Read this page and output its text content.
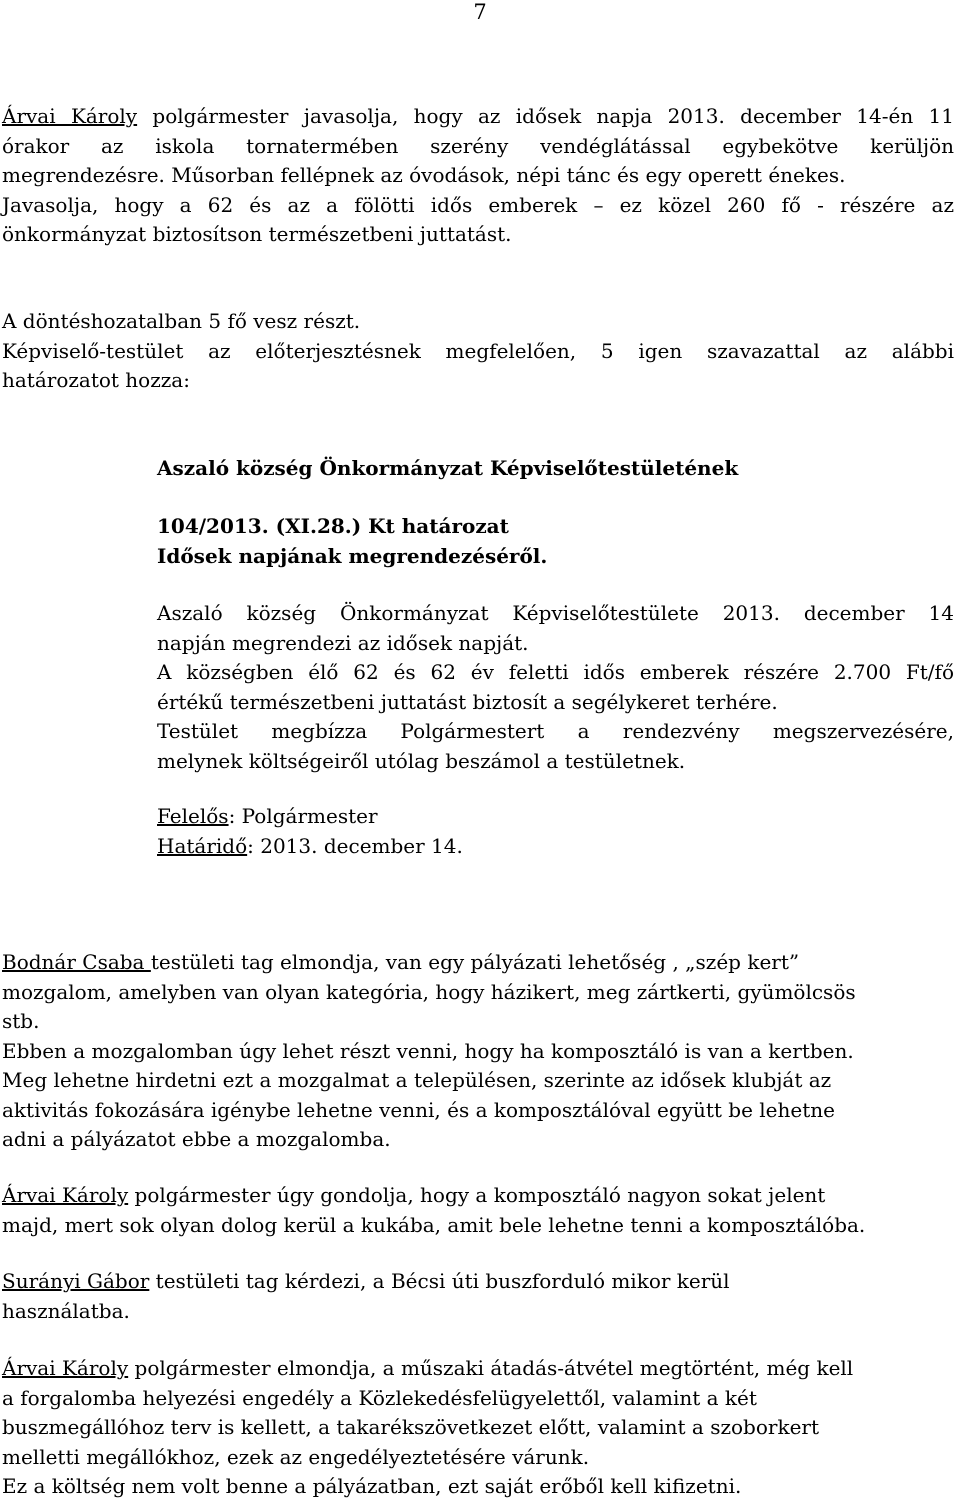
7

Árvai Károly polgármester javasolja, hogy az idősek napja 2013. december 14-én 11

órakor az iskola tornatermében szerény vendéglátással egybekötve kerüljön

megrendezésre. Műsorban fellépnek az óvodások, népi tánc és egy operett énekes.

Javasolja, hogy a 62 és az a fölötti idős emberek – ez közel 260 fő - részére az

önkormányzat biztosítson természetbeni juttatást.

A döntéshozatalban 5 fő vesz részt.

Képviselő-testület az előterjesztésnek megfelelően, 5 igen szavazattal az alábbi

határozatot hozza:

Aszaló község Önkormányzat Képviselőtestületének

104/2013. (XI.28.) Kt határozat

Idősek napjának megrendezéséről.

Aszaló község Önkormányzat Képviselőtestülete 2013. december 14

napján megrendezi az idősek napját.

A községben élő 62 és 62 év feletti idős emberek részére 2.700 Ft/fő

értékű természetbeni juttatást biztosít a segélykeret terhére.

Testület megbízza Polgármestert a rendezvény megszervezésére,

melynek költségeiről utólag beszámol a testületnek.

Felelős: Polgármester

Határidő: 2013. december 14.

Bodnár Csaba testületi tag elmondja, van egy pályázati lehetőség , „szép kert”

mozgalom, amelyben van olyan kategória, hogy házikert, meg zártkerti, gyümölcsös

stb.

Ebben a mozgalomban úgy lehet részt venni, hogy ha komposztáló is van a kertben.

Meg lehetne hirdetni ezt a mozgalmat a településen, szerinte az idősek klubját az

aktivitás fokozására igénybe lehetne venni, és a komposztálóval együtt be lehetne

adni a pályázatot ebbe a mozgalomba.

Árvai Károly polgármester úgy gondolja, hogy a komposztáló nagyon sokat jelent

majd, mert sok olyan dolog kerül a kukába, amit bele lehetne tenni a komposztálóba.

Surányi Gábor testületi tag kérdezi, a Bécsi úti buszforduló mikor kerül

használatba.

Árvai Károly polgármester elmondja, a műszaki átadás-átvétel megtörtént, még kell

a forgalomba helyezési engedély a Közlekedésfelügyelettől, valamint a két

buszmegállóhoz terv is kellett, a takarékszövetkezet előtt, valamint a szoborkert

melletti megállókhoz, ezek az engedélyeztetésére várunk.

Ez a költség nem volt benne a pályázatban, ezt saját erőből kell kifizetni.
